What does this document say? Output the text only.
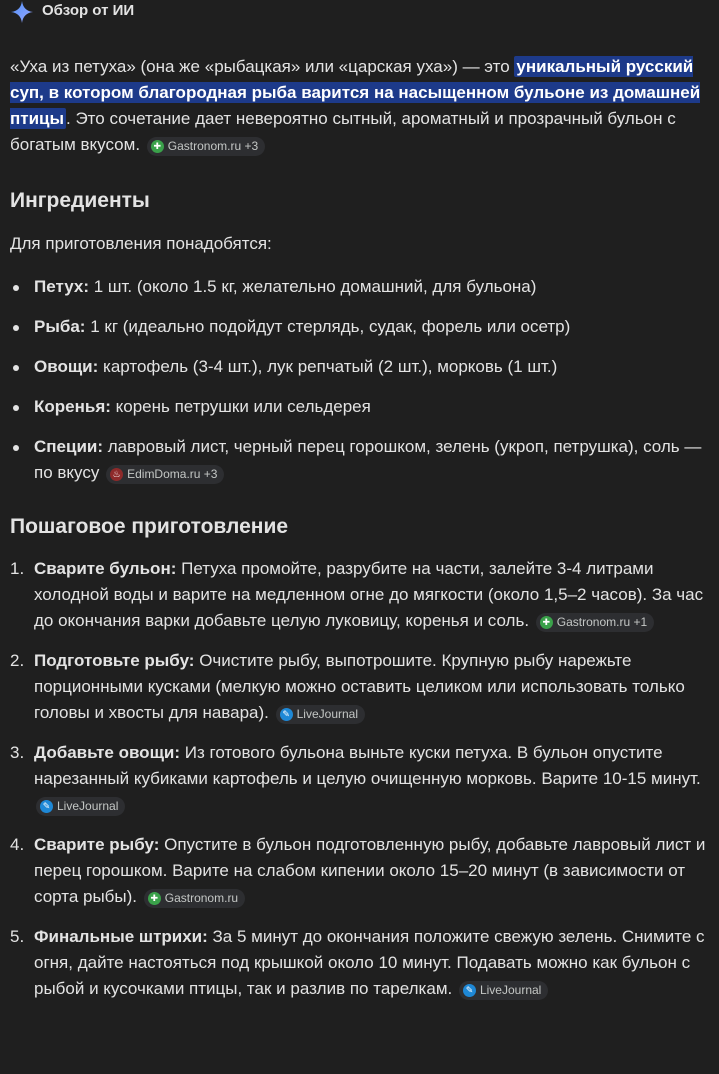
Обзор от ИИ
«Уха из петуха» (она же «рыбацкая» или «царская уха») — это уникальный русский суп, в котором благородная рыба варится на насыщенном бульоне из домашней птицы . Это сочетание дает невероятно сытный, ароматный и прозрачный бульон с богатым вкусом.	✚ Gastronom.ru +3
Ингредиенты
Для приготовления понадобятся:
Петух: 1 шт. (около 1.5 кг, желательно домашний, для бульона)
Рыба: 1 кг (идеально подойдут стерлядь, судак, форель или осетр)
Овощи: картофель (3-4 шт.), лук репчатый (2 шт.), морковь (1 шт.)
Коренья: корень петрушки или сельдерея
Специи: лавровый лист, черный перец горошком, зелень (укроп, петрушка), соль — по вкусу ♨ EdimDoma.ru +3
Пошаговое приготовление
1. Сварите бульон: Петуха промойте, разрубите на части, залейте 3-4 литрами холодной воды и варите на медленном огне до мягкости (около 1,5–2 часов). За час до окончания варки добавьте целую луковицу, коренья и соль.	✚ Gastronom.ru +1
2. Подготовьте рыбу: Очистите рыбу, выпотрошите. Крупную рыбу нарежьте порционными кусками (мелкую можно оставить целиком или использовать только головы и хвосты для навара).	✎ LiveJournal
3. Добавьте овощи: Из готового бульона выньте куски петуха. В бульон опустите нарезанный кубиками картофель и целую очищенную морковь. Варите 10-15 минут.
✎ LiveJournal
4. Сварите рыбу: Опустите в бульон подготовленную рыбу, добавьте лавровый лист и перец горошком. Варите на слабом кипении около 15–20 минут (в зависимости от сорта рыбы).	✚ Gastronom.ru
5. Финальные штрихи: За 5 минут до окончания положите свежую зелень. Снимите с огня, дайте настояться под крышкой около 10 минут. Подавать можно как бульон с рыбой и кусочками птицы, так и разлив по тарелкам.	✎ LiveJournal
